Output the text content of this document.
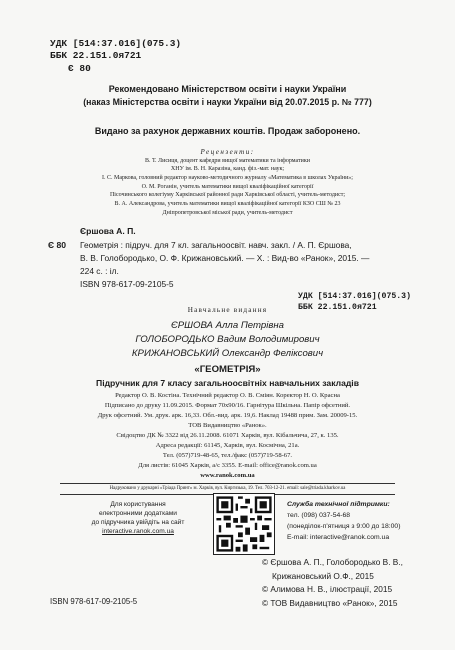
УДК [514:37.016](075.3)
ББК 22.151.0я721
Є 80
Рекомендовано Міністерством освіти і науки України
(наказ Міністерства освіти і науки України від 20.07.2015 р. № 777)
Видано за рахунок державних коштів. Продаж заборонено.
Рецензенти:
В. Т. Лисиця, доцент кафедри вищої математики та інформатики
ХНУ ім. В. Н. Каразіна, канд. фіз.-мат. наук;
І. С. Маркова, головний редактор науково-методичного журналу «Математика в школах України»;
О. М. Роганін, учитель математики вищої кваліфікаційної категорії
Пісочинського колегіуму Харківської районної ради Харківської області, учитель-методист;
В. А. Александрова, учитель математики вищої кваліфікаційної категорії КЗО СШ № 23
Дніпропетровської міської ради, учитель-методист
Єршова А. П.
Є 80 Геометрія : підруч. для 7 кл. загальноосвіт. навч. закл. / А. П. Єршова,
В. В. Голобородько, О. Ф. Крижановський. — Х. : Вид-во «Ранок», 2015. —
224 с. : іл.
ISBN 978-617-09-2105-5
УДК [514:37.016](075.3)
ББК 22.151.0я721
Навчальне видання
ЄРШОВА Алла Петрівна
ГОЛОБОРОДЬКО Вадим Володимирович
КРИЖАНОВСЬКИЙ Олександр Феліксович
«ГЕОМЕТРІЯ»
Підручник для 7 класу загальноосвітніх навчальних закладів
Редактор О. В. Костіна. Технічний редактор О. В. Сміян. Коректор Н. О. Красна
Підписано до друку 11.09.2015. Формат 70х90/16. Гарнітура Шкільна. Папір офсетний.
Друк офсетний. Ум. друк. арк. 16,33. Обл.-вид. арк. 19,6. Наклад 19488 прим. Зам. 20009-15.
ТОВ Видавництво «Ранок».
Свідоцтво ДК № 3322 від 26.11.2008. 61071 Харків, вул. Кібальчича, 27, к. 135.
Адреса редакції: 61145, Харків, вул. Космічна, 21а.
Тел. (057)719-48-65, тел./факс (057)719-58-67.
Для листів: 61045 Харків, а/с 3355. E-mail: office@ranok.com.ua
www.ranok.com.ua
Надруковано у друкарні «Тріада Принт» м. Харків, вул. Киргизька, 19. Тел. 703-12-21. email: sale@triada.kharkov.ua
Для користування
електронними додатками
до підручника увійдіть на сайт
interactive.ranok.com.ua
Служба технічної підтримки:
тел. (098) 037-54-68
(понеділок-п'ятниця з 9:00 до 18:00)
E-mail: interactive@ranok.com.ua
© Єршова А. П., Голобородько В. В.,
Крижановський О.Ф., 2015
© Алимова Н. В., ілюстрації, 2015
© ТОВ Видавництво «Ранок», 2015
ISBN 978-617-09-2105-5
